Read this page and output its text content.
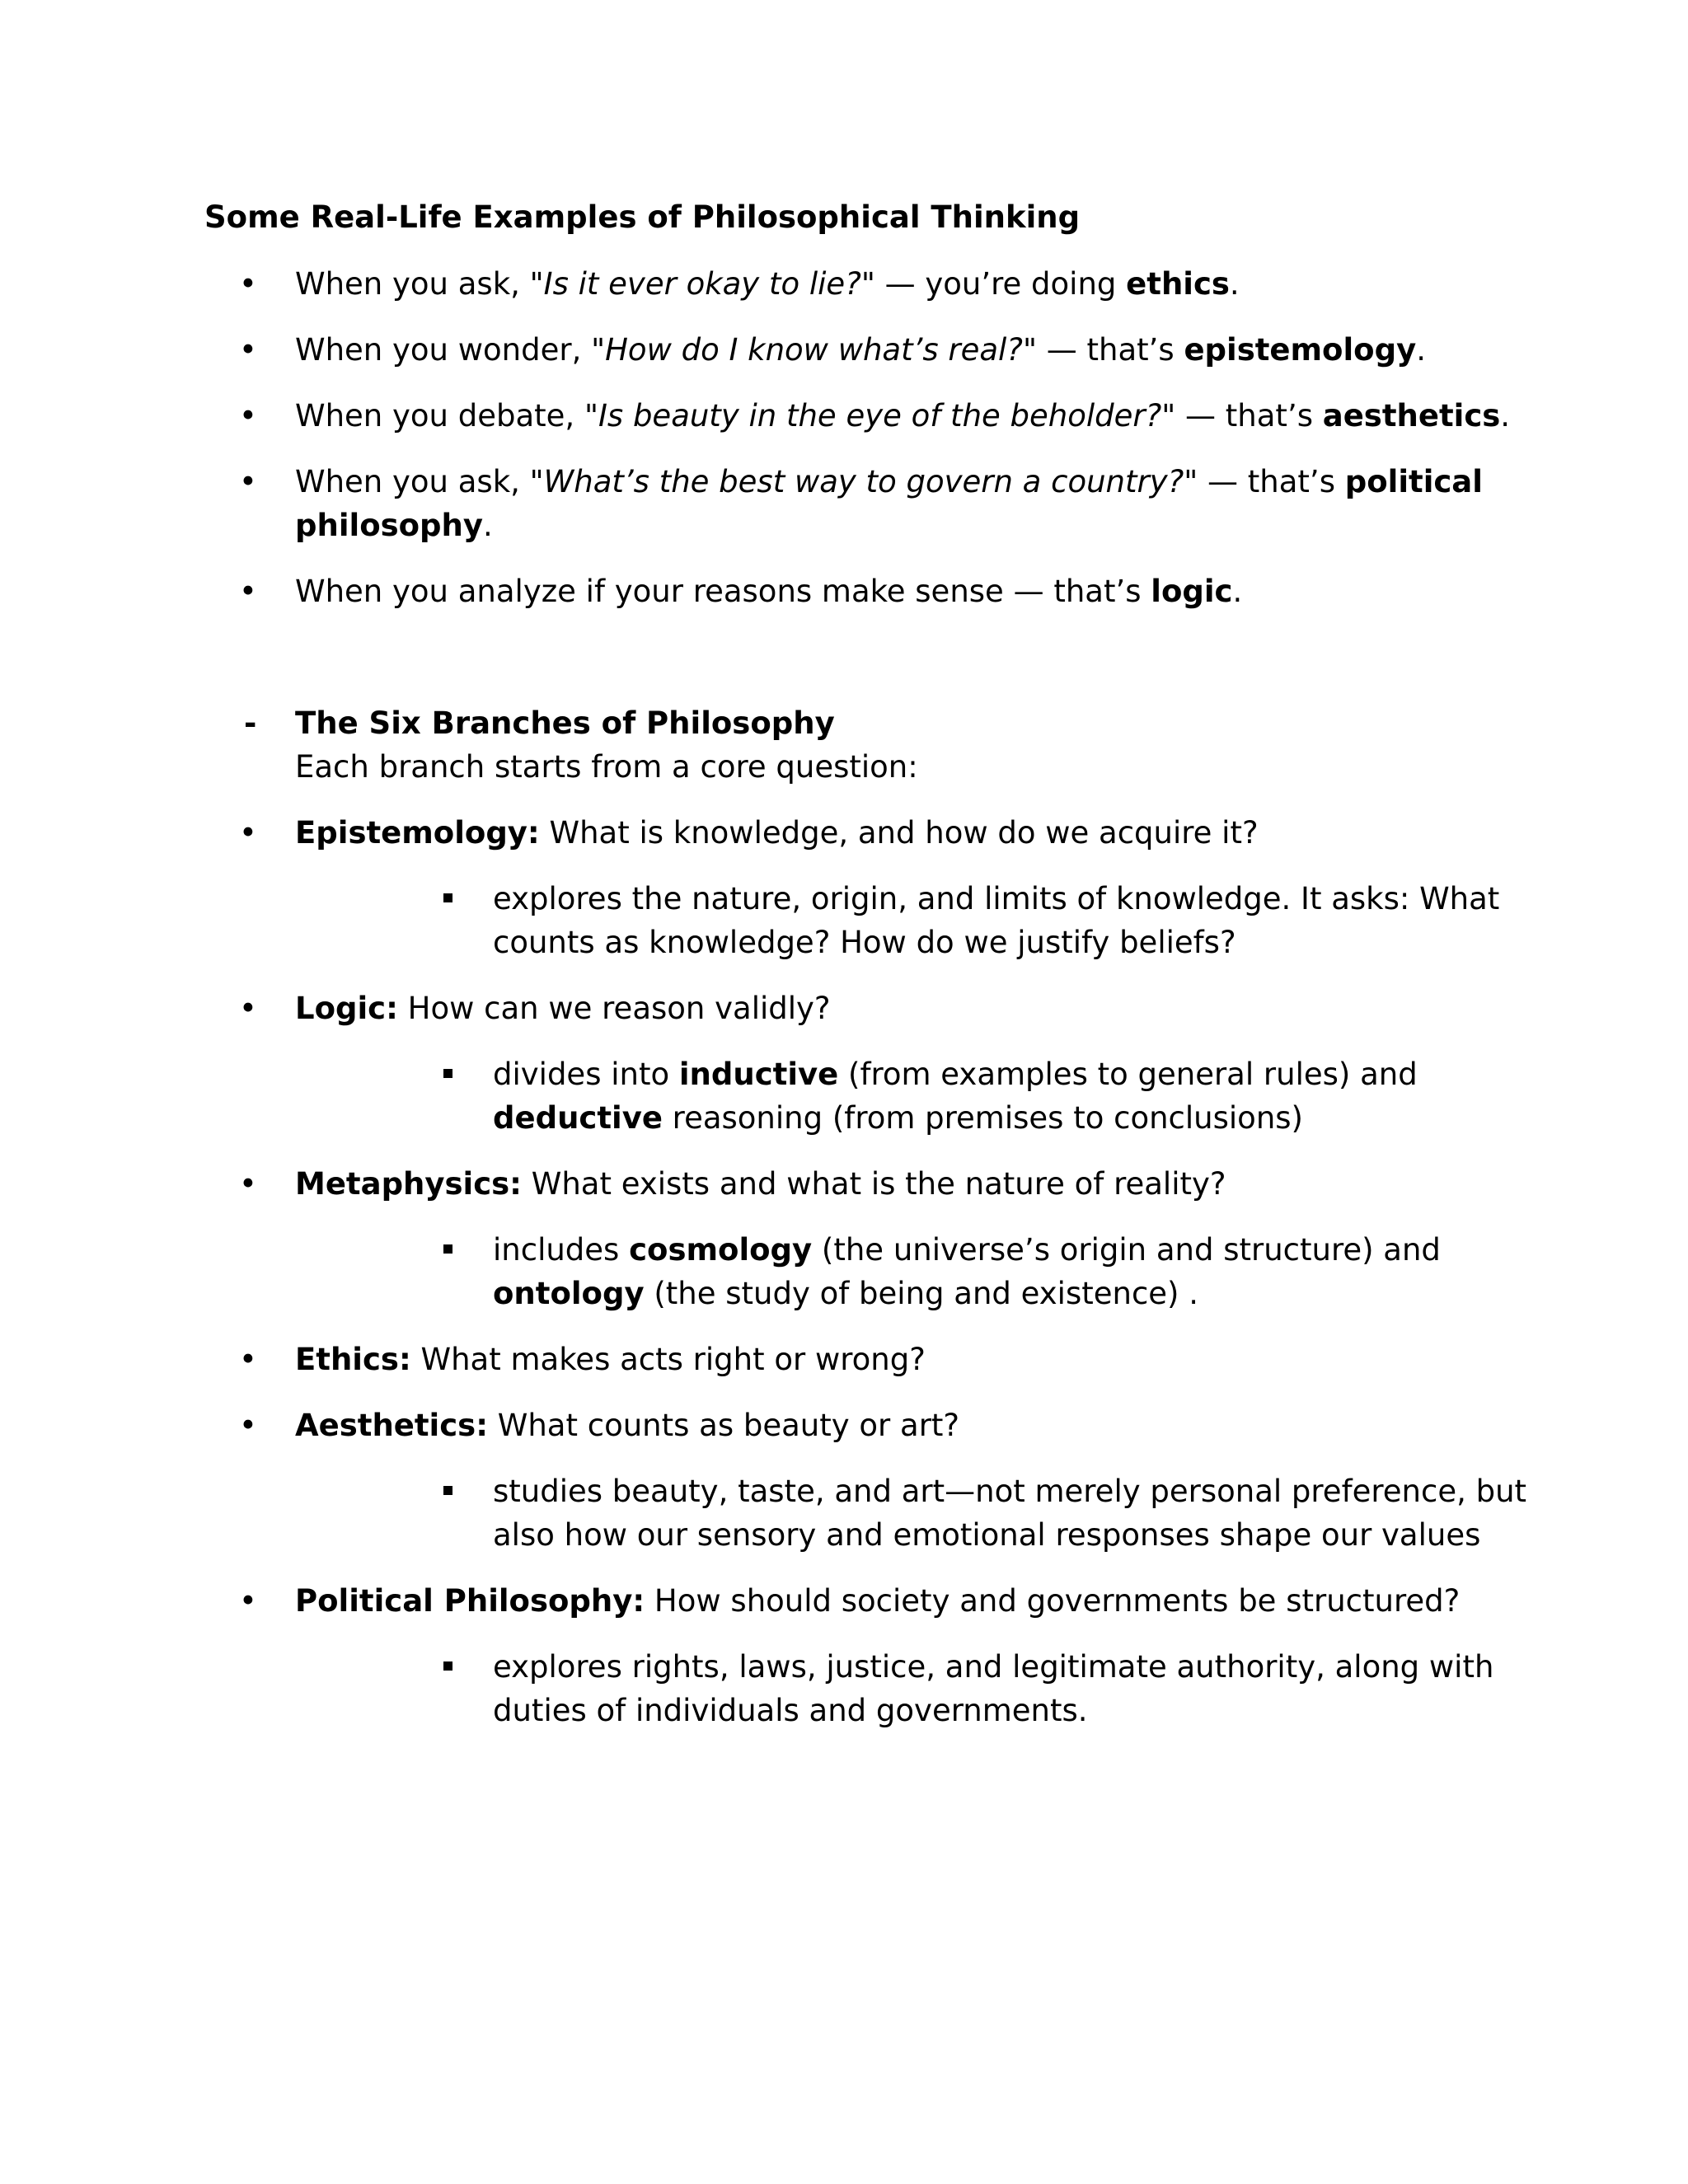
Some Real-Life Examples of Philosophical Thinking
• When you ask, "Is it ever okay to lie?" — you’re doing ethics.
• When you wonder, "How do I know what’s real?" — that’s epistemology.
• When you debate, "Is beauty in the eye of the beholder?" — that’s aesthetics.
• When you ask, "What’s the best way to govern a country?" — that’s political
philosophy.
• When you analyze if your reasons make sense — that’s logic.
- The Six Branches of Philosophy
Each branch starts from a core question:
• Epistemology: What is knowledge, and how do we acquire it?
explores the nature, origin, and limits of knowledge. It asks: What
counts as knowledge? How do we justify beliefs?
• Logic: How can we reason validly?
divides into inductive (from examples to general rules) and
deductive reasoning (from premises to conclusions)
• Metaphysics: What exists and what is the nature of reality?
includes cosmology (the universe’s origin and structure) and
ontology (the study of being and existence) .
• Ethics: What makes acts right or wrong?
• Aesthetics: What counts as beauty or art?
studies beauty, taste, and art—not merely personal preference, but
also how our sensory and emotional responses shape our values
• Political Philosophy: How should society and governments be structured?
explores rights, laws, justice, and legitimate authority, along with
duties of individuals and governments.
